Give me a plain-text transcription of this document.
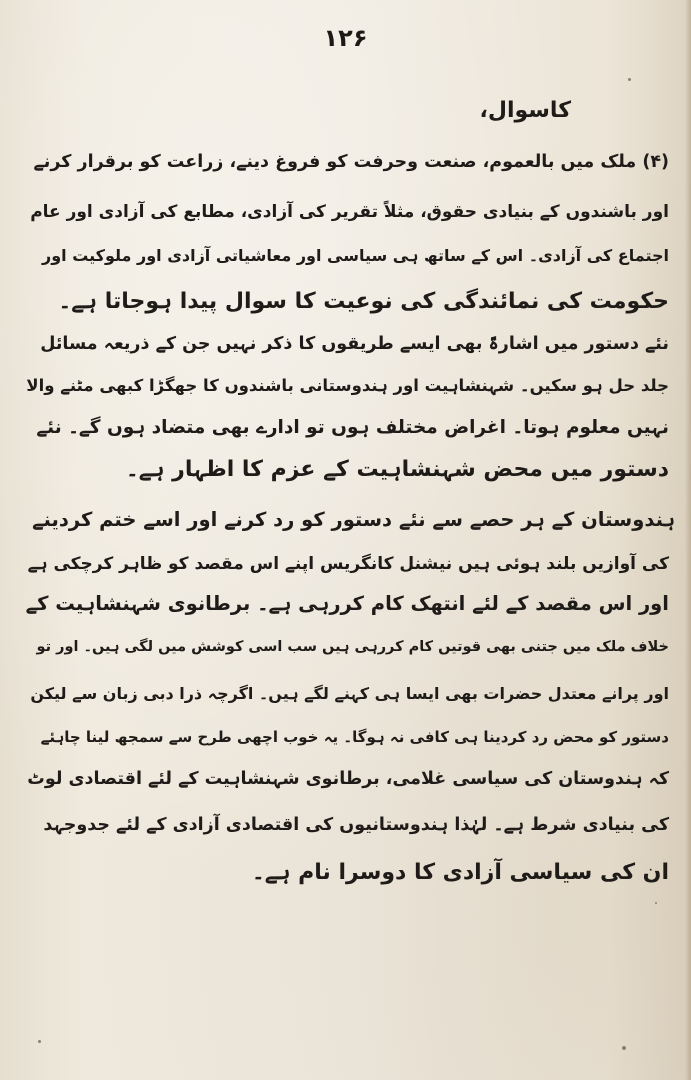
۱۲۶
کاسوال،
(۴) ملک میں بالعموم، صنعت وحرفت کو فروغ دینے، زراعت کو برقرار کرنے
اور باشندوں کے بنیادی حقوق، مثلاً تقریر کی آزادی، مطابع کی آزادی اور عام
اجتماع کی آزادی۔ اس کے ساتھ ہی سیاسی اور معاشیاتی آزادی اور ملوکیت اور
حکومت کی نمائندگی کی نوعیت کا سوال پیدا ہوجاتا ہے۔
نئے دستور میں اشارۃً بھی ایسے طریقوں کا ذکر نہیں جن کے ذریعہ مسائل
جلد حل ہو سکیں۔ شہنشاہیت اور ہندوستانی باشندوں کا جھگڑا کبھی مٹنے والا
نہیں معلوم ہوتا۔ اغراض مختلف ہوں تو ادارے بھی متضاد ہوں گے۔ نئے
دستور میں محض شہنشاہیت کے عزم کا اظہار ہے۔
ہندوستان کے ہر حصے سے نئے دستور کو رد کرنے اور اسے ختم کردینے
کی آوازیں بلند ہوئی ہیں نیشنل کانگریس اپنے اس مقصد کو ظاہر کرچکی ہے
اور اس مقصد کے لئے انتھک کام کررہی ہے۔ برطانوی شہنشاہیت کے
خلاف ملک میں جتنی بھی قوتیں کام کررہی ہیں سب اسی کوشش میں لگی ہیں۔ اور تو
اور پرانے معتدل حضرات بھی ایسا ہی کہنے لگے ہیں۔ اگرچہ ذرا دبی زبان سے لیکن
دستور کو محض رد کردینا ہی کافی نہ ہوگا۔ یہ خوب اچھی طرح سے سمجھ لینا چاہئے
کہ ہندوستان کی سیاسی غلامی، برطانوی شہنشاہیت کے لئے اقتصادی لوٹ
کی بنیادی شرط ہے۔ لہٰذا ہندوستانیوں کی اقتصادی آزادی کے لئے جدوجہد
ان کی سیاسی آزادی کا دوسرا نام ہے۔
